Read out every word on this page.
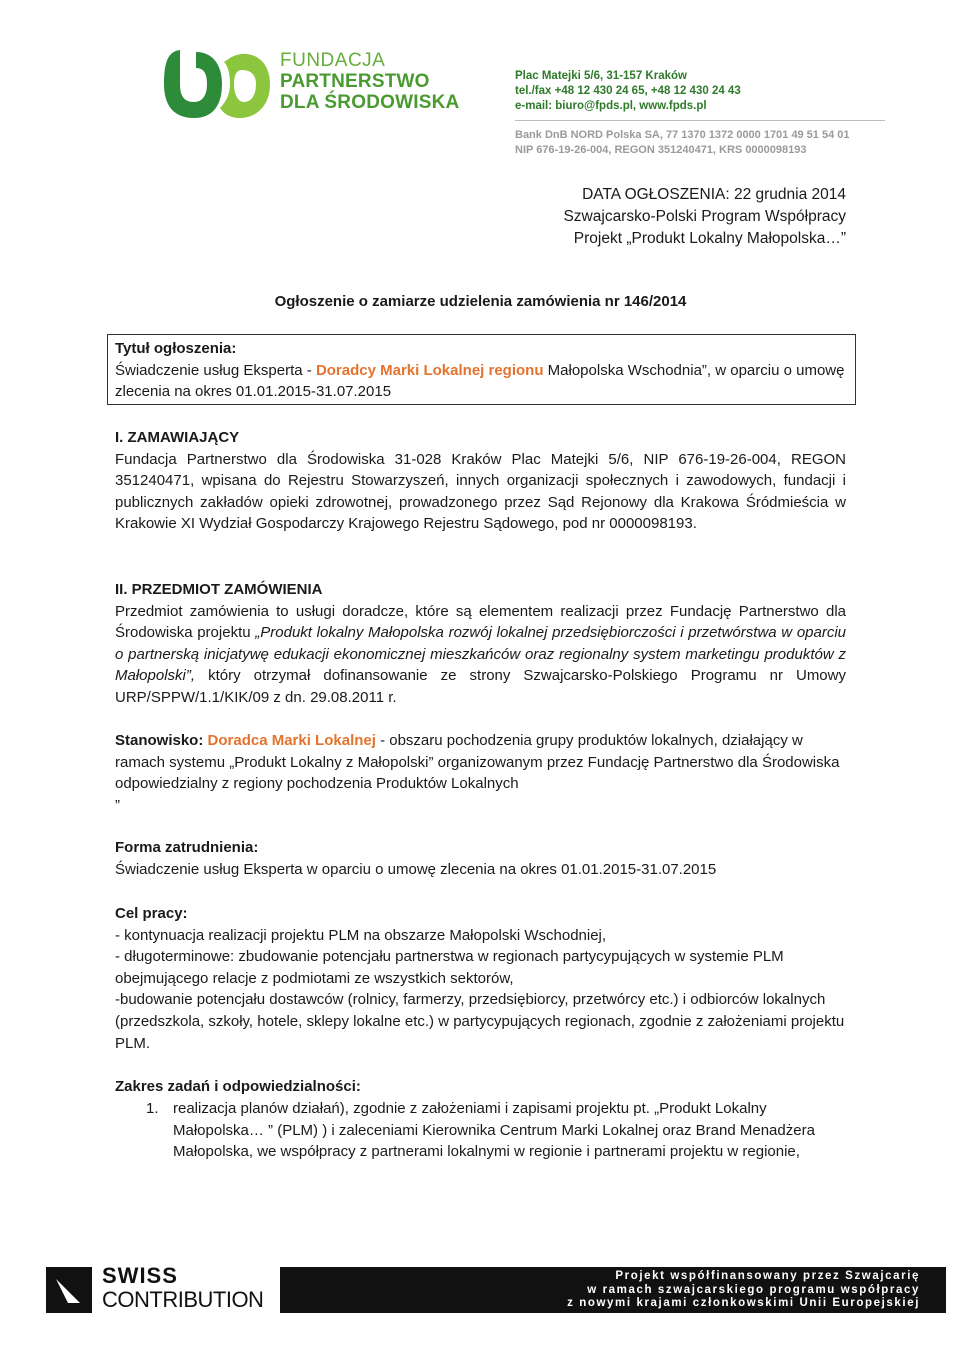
FUNDACJA
PARTNERSTWO
DLA ŚRODOWISKA
Plac Matejki 5/6, 31-157 Kraków
tel./fax +48 12 430 24 65, +48 12 430 24 43
e-mail: biuro@fpds.pl, www.fpds.pl
Bank DnB NORD Polska SA, 77 1370 1372 0000 1701 49 51 54 01
NIP 676-19-26-004, REGON 351240471, KRS 0000098193
DATA OGŁOSZENIA: 22 grudnia 2014
Szwajcarsko-Polski Program Współpracy
Projekt „Produkt Lokalny Małopolska…”
Ogłoszenie o zamiarze udzielenia zamówienia nr 146/2014
Tytuł ogłoszenia:
Świadczenie usług Eksperta - Doradcy Marki Lokalnej regionu Małopolska Wschodnia”, w oparciu o umowę zlecenia na okres 01.01.2015-31.07.2015
I. ZAMAWIAJĄCY
Fundacja Partnerstwo dla Środowiska 31-028 Kraków Plac Matejki 5/6, NIP 676-19-26-004, REGON 351240471, wpisana do Rejestru Stowarzyszeń, innych organizacji społecznych i zawodowych, fundacji i publicznych zakładów opieki zdrowotnej, prowadzonego przez Sąd Rejonowy dla Krakowa Śródmieścia w Krakowie XI Wydział Gospodarczy Krajowego Rejestru Sądowego, pod nr 0000098193.
II. PRZEDMIOT ZAMÓWIENIA
Przedmiot zamówienia to usługi doradcze, które są elementem realizacji przez Fundację Partnerstwo dla Środowiska projektu „Produkt lokalny Małopolska rozwój lokalnej przedsiębiorczości i przetwórstwa w oparciu o partnerską inicjatywę edukacji ekonomicznej mieszkańców oraz regionalny system marketingu produktów z Małopolski”, który otrzymał dofinansowanie ze strony Szwajcarsko-Polskiego Programu nr Umowy URP/SPPW/1.1/KIK/09 z dn. 29.08.2011 r.
Stanowisko: Doradca Marki Lokalnej - obszaru pochodzenia grupy produktów lokalnych, działający w ramach systemu „Produkt Lokalny z Małopolski” organizowanym przez Fundację Partnerstwo dla Środowiska odpowiedzialny z regiony pochodzenia Produktów Lokalnych
”
Forma zatrudnienia:
Świadczenie usług Eksperta w oparciu o umowę zlecenia na okres 01.01.2015-31.07.2015
Cel pracy:
- kontynuacja realizacji projektu PLM na obszarze Małopolski Wschodniej,
- długoterminowe: zbudowanie potencjału partnerstwa w regionach partycypujących w systemie PLM obejmującego relacje z podmiotami ze wszystkich sektorów,
-budowanie potencjału dostawców (rolnicy, farmerzy, przedsiębiorcy, przetwórcy etc.) i odbiorców lokalnych (przedszkola, szkoły, hotele, sklepy lokalne etc.) w partycypujących regionach, zgodnie z założeniami projektu PLM.
Zakres zadań i odpowiedzialności:
1. realizacja planów działań), zgodnie z założeniami i zapisami projektu pt. „Produkt Lokalny Małopolska… ” (PLM) ) i zaleceniami Kierownika Centrum Marki Lokalnej oraz Brand Menadżera Małopolska, we współpracy z partnerami lokalnymi w regionie i partnerami projektu w regionie,
SWISS
CONTRIBUTION
Projekt współfinansowany przez Szwajcarię
w ramach szwajcarskiego programu współpracy
z nowymi krajami członkowskimi Unii Europejskiej
